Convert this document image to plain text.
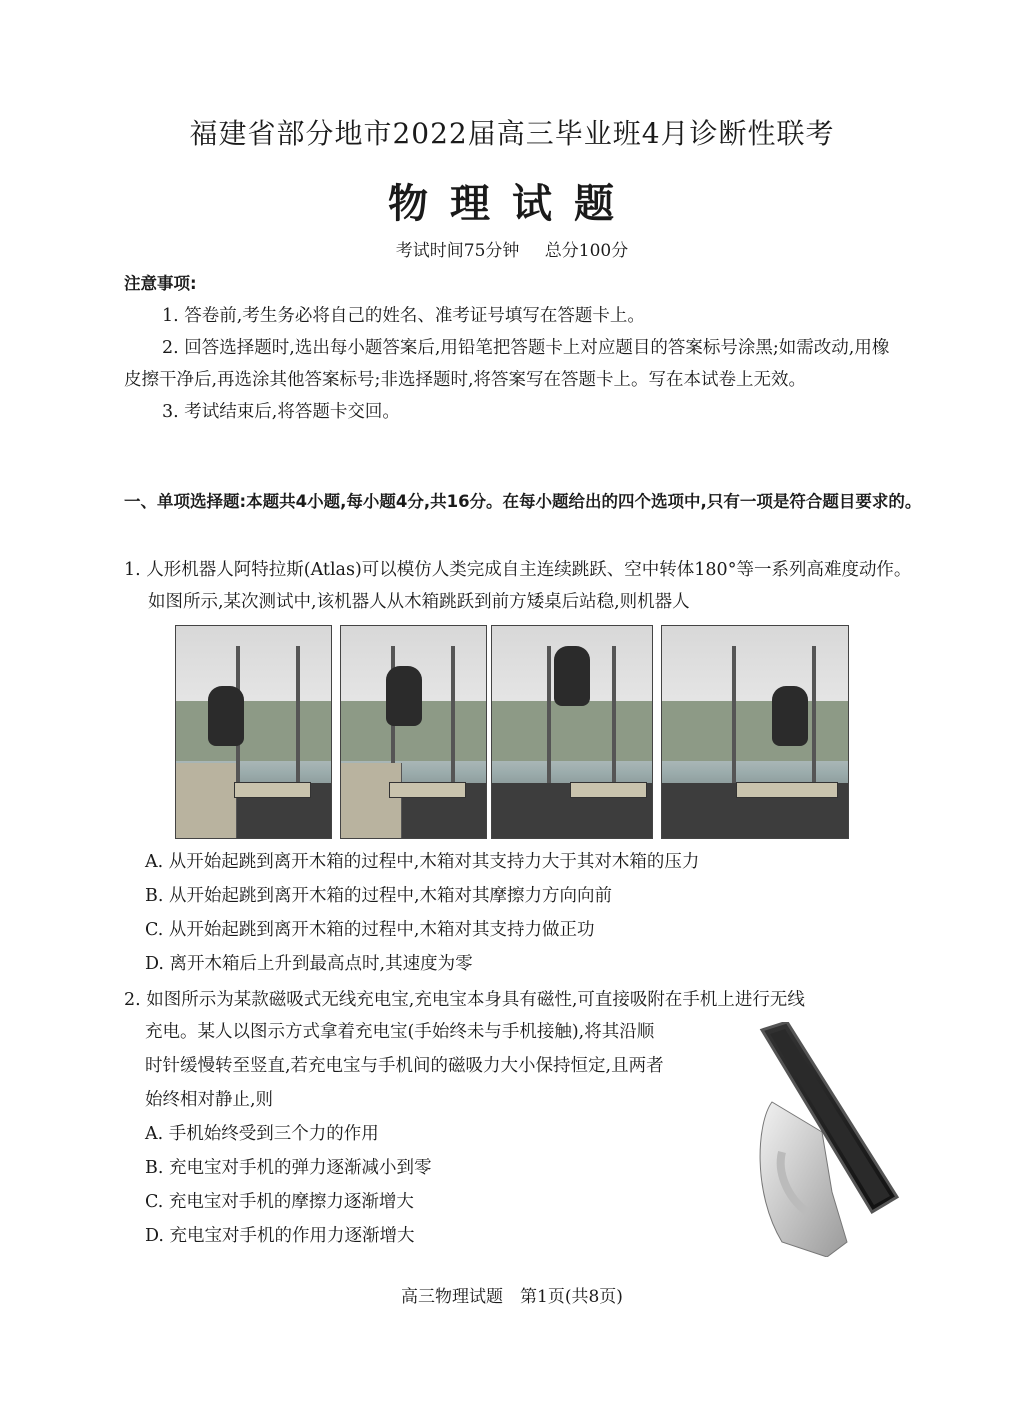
福建省部分地市2022届高三毕业班4月诊断性联考
物理试题
考试时间75分钟 总分100分
注意事项:
1. 答卷前,考生务必将自己的姓名、准考证号填写在答题卡上。
2. 回答选择题时,选出每小题答案后,用铅笔把答题卡上对应题目的答案标号涂黑;如需改动,用橡皮擦干净后,再选涂其他答案标号;非选择题时,将答案写在答题卡上。写在本试卷上无效。
3. 考试结束后,将答题卡交回。
一、单项选择题:本题共4小题,每小题4分,共16分。在每小题给出的四个选项中,只有一项是符合题目要求的。
1. 人形机器人阿特拉斯(Atlas)可以模仿人类完成自主连续跳跃、空中转体180°等一系列高难度动作。如图所示,某次测试中,该机器人从木箱跳跃到前方矮桌后站稳,则机器人
A. 从开始起跳到离开木箱的过程中,木箱对其支持力大于其对木箱的压力
B. 从开始起跳到离开木箱的过程中,木箱对其摩擦力方向向前
C. 从开始起跳到离开木箱的过程中,木箱对其支持力做正功
D. 离开木箱后上升到最高点时,其速度为零
2. 如图所示为某款磁吸式无线充电宝,充电宝本身具有磁性,可直接吸附在手机上进行无线
充电。某人以图示方式拿着充电宝(手始终未与手机接触),将其沿顺
时针缓慢转至竖直,若充电宝与手机间的磁吸力大小保持恒定,且两者
始终相对静止,则
A. 手机始终受到三个力的作用
B. 充电宝对手机的弹力逐渐减小到零
C. 充电宝对手机的摩擦力逐渐增大
D. 充电宝对手机的作用力逐渐增大
高三物理试题　第1页(共8页)
